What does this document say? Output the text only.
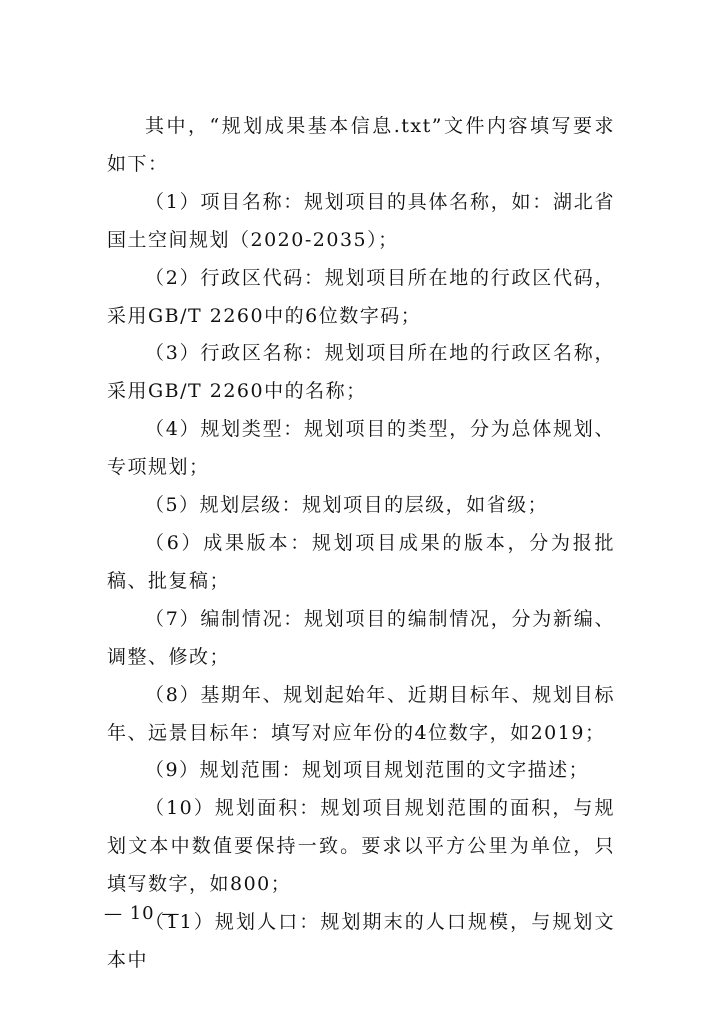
其中，“规划成果基本信息.txt”文件内容填写要求如下：

（1）项目名称：规划项目的具体名称，如：湖北省国土空间规划（2020-2035）；

（2）行政区代码：规划项目所在地的行政区代码，采用GB/T 2260中的6位数字码；

（3）行政区名称：规划项目所在地的行政区名称，采用GB/T 2260中的名称；

（4）规划类型：规划项目的类型，分为总体规划、专项规划；

（5）规划层级：规划项目的层级，如省级；

（6）成果版本：规划项目成果的版本，分为报批稿、批复稿；

（7）编制情况：规划项目的编制情况，分为新编、调整、修改；

（8）基期年、规划起始年、近期目标年、规划目标年、远景目标年：填写对应年份的4位数字，如2019；

（9）规划范围：规划项目规划范围的文字描述；

（10）规划面积：规划项目规划范围的面积，与规划文本中数值要保持一致。要求以平方公里为单位，只填写数字，如800；

（11）规划人口：规划期末的人口规模，与规划文本中

— 10 —
